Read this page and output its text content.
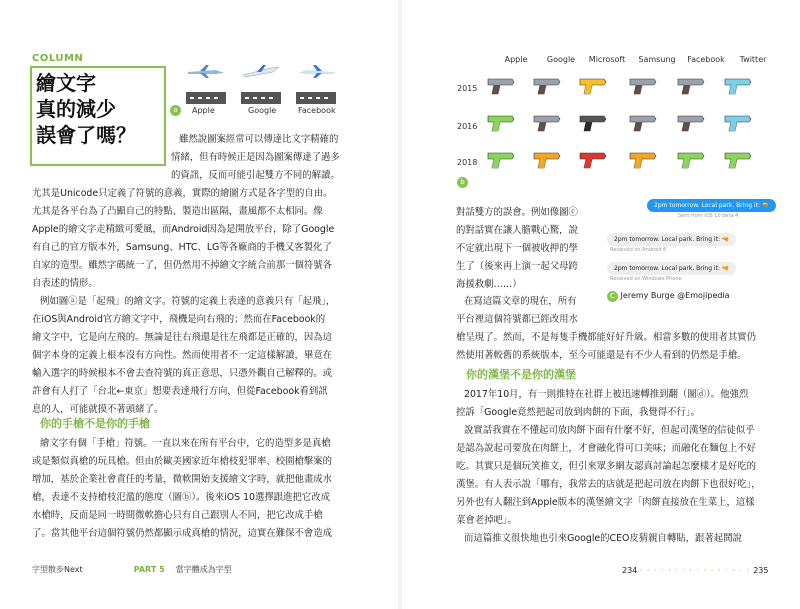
COLUMN
繪文字
真的減少
誤會了嗎？
a Apple	Google	Facebook
雖然說圖案經常可以傳達比文字精確的
情緒，但有時候正是因為圖案傳達了過多
的資訊，反而可能引起雙方不同的解讀。
尤其是Unicode只定義了符號的意義，實際的繪圖方式是各字型的自由。
尤其是各平台為了凸顯自己的特點、製造出區隔，畫風都不太相同。像
Apple的繪文字走精緻可愛風，而Android因為是開放平台，除了Google
有自己的官方版本外，Samsung、HTC、LG等各廠商的手機又客製化了
自家的造型。雖然字碼統一了，但仍然用不掉繪文字統合前那一個符號各
自表述的情形。
例如圖ⓐ是「起飛」的繪文字。符號的定義上表達的意義只有「起飛」，
在iOS與Android官方繪文字中，飛機是向右飛的；然而在Facebook的
繪文字中，它是向左飛的。無論是往右飛還是往左飛都是正確的，因為這
個字本身的定義上根本沒有方向性。然而使用者不一定這樣解讀，畢竟在
輸入選字的時候根本不會去查符號的真正意思，只憑外觀自己解釋的。或
許會有人打了「台北←東京」想要表達飛行方向，但從Facebook看到訊
息的人，可能就摸不著頭緒了。
你的手槍不是你的手槍
繪文字有個「手槍」符號。一直以來在所有平台中，它的造型多是真槍
或是類似真槍的玩具槍。但由於歐美國家近年槍枝犯罪率、校園槍擊案的
增加，基於企業社會責任的考量，微軟開始支援繪文字時，就把他畫成水
槍，表達不支持槍枝氾濫的態度（圖ⓑ）。後來iOS 10選擇跟進把它改成
水槍時，反而是同一時間微軟擔心只有自己跟別人不同，把它改成手槍
了。當其他平台這個符號仍然都顯示成真槍的情況，這實在難保不會造成
字型散步Next	PART 5 當字體成為字型
Apple	Google	Microsoft	Samsung	Facebook	Twitter
2015
2016
2018
b
2pm tomorrow. Local park. Bring it: 🔫
Sent from iOS 10 beta 4
2pm tomorrow. Local park. Bring it: 🔫
Received on Android 6
2pm tomorrow. Local park. Bring it: 🔫
Received on Windows Phone
C Jeremy Burge @Emojipedia
對話雙方的誤會。例如像圖ⓒ
的對話實在讓人膽戰心驚，說
不定就出現下一個被收押的學
生了（後來再上演一起父母跨
海援救劇……）
在寫這篇文章的現在，所有
平台裡這個符號都已經改用水
槍呈現了。然而，不是每隻手機都能好好升級。相當多數的使用者其實仍
然使用著較舊的系統版本，至今可能還是有不少人看到的仍然是手槍。
你的漢堡不是你的漢堡
2017年10月，有一則推特在社群上被迅速轉推到翻（圖ⓓ）。他強烈
控訴「Google竟然把起司放到肉餅的下面，我覺得不行」。
說實話我實在不懂起司放肉餅下面有什麼不好，但起司漢堡的信徒似乎
是認為說起司要放在肉餅上，才會融化得可口美味；而融化在麵包上不好
吃。其實只是個玩笑推文，但引來眾多網友認真討論起怎麼樣才是好吃的
漢堡。有人表示說「哪有，我常去的店就是把起司放在肉餅下也很好吃」，
另外也有人翻注到Apple版本的漢堡繪文字「肉餅直接放在生菜上，這樣
菜會老掉吧」。
而這篇推文很快地也引來Google的CEO皮猜親自轉貼，跟著起鬨說
234 · · · · · · · · · · · · · · · · 235
